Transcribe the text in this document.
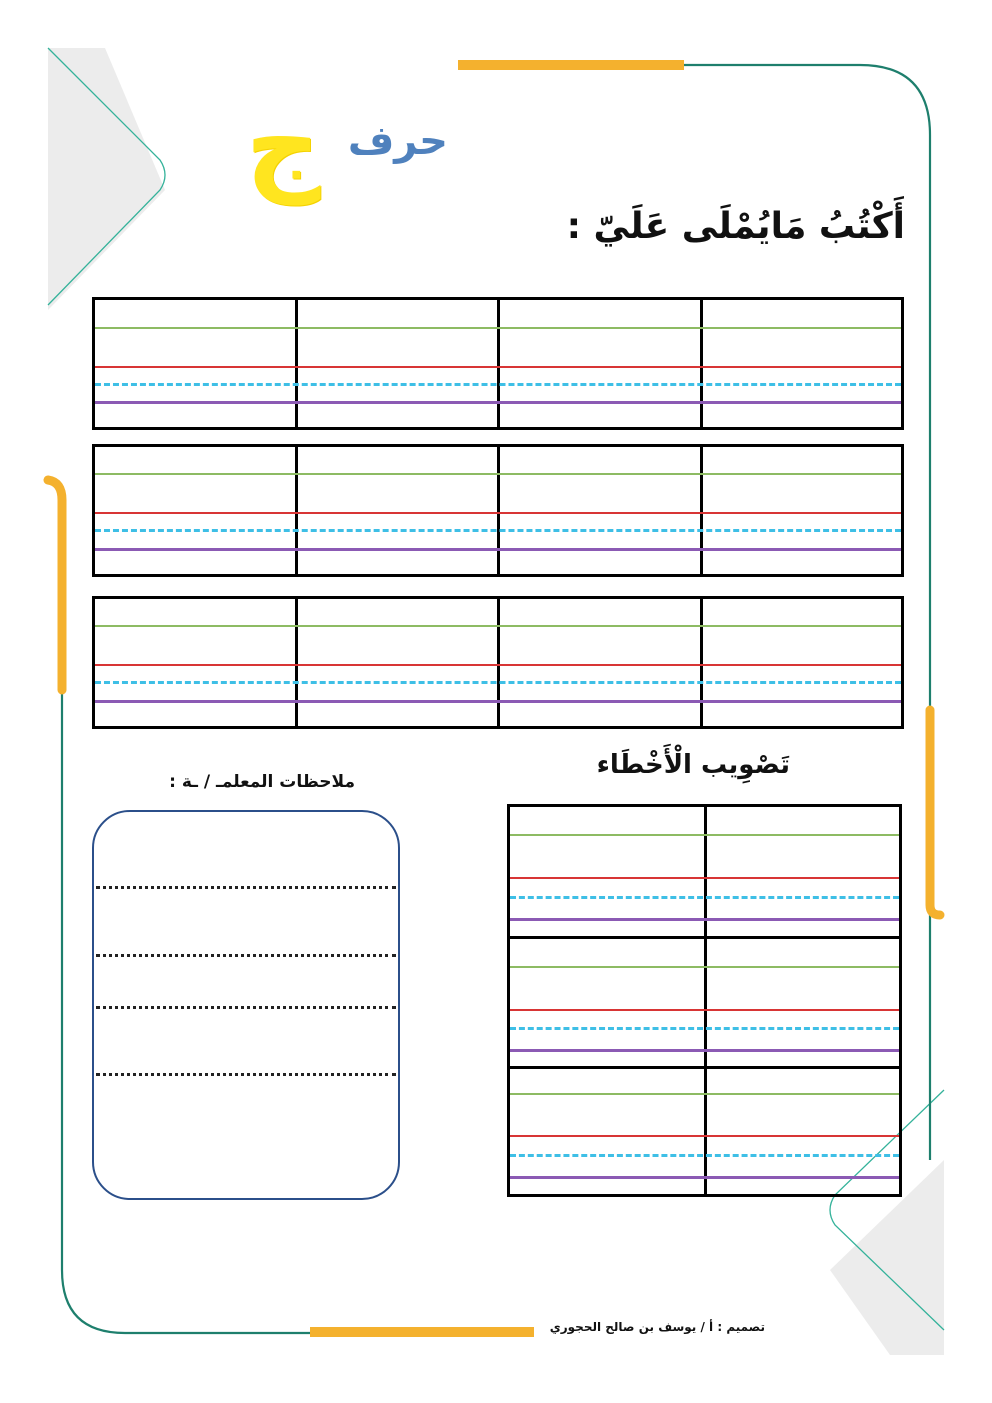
حرف
ج
أَكْتُبُ مَايُمْلَى عَلَيّ :
تَصْوِيب الْأَخْطَاء
ملاحظات المعلمـ / ـة :
تصميم : أ / يوسف بن صالح الحجوري
